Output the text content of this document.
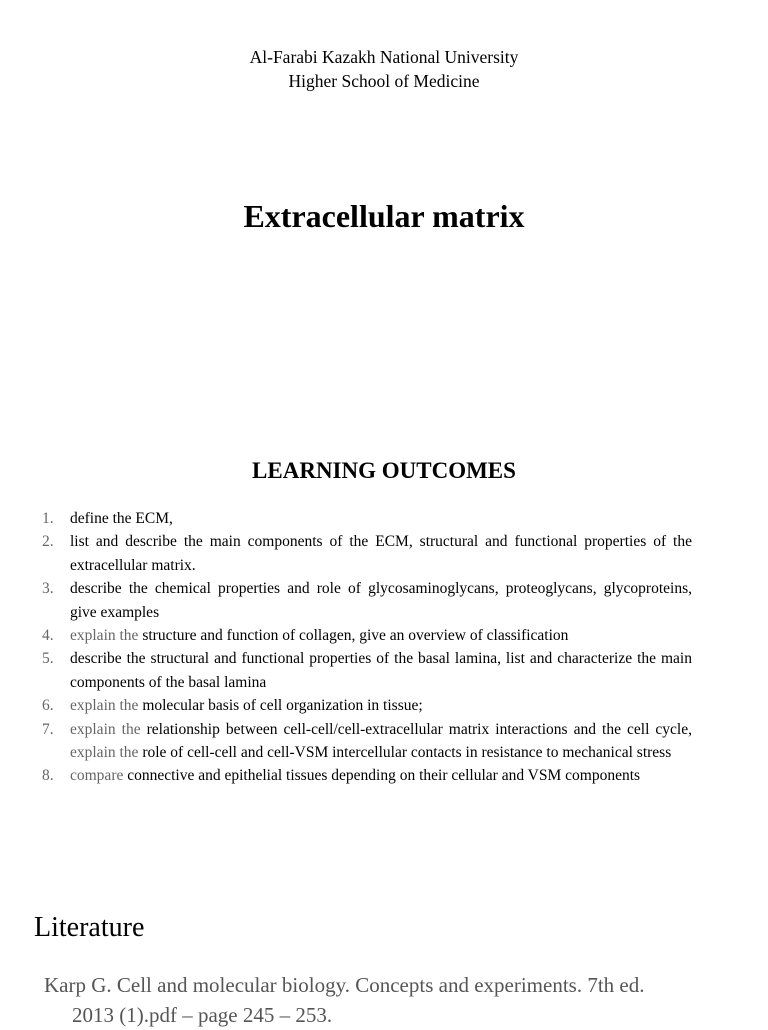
Al-Farabi Kazakh National University
Higher School of Medicine
Extracellular matrix
LEARNING OUTCOMES
1.	define the ECM,
2.	list and describe the main components of the ECM, structural and functional properties of the extracellular matrix.
3.	describe the chemical properties and role of glycosaminoglycans, proteoglycans, glycoproteins, give examples
4.	explain the structure and function of collagen, give an overview of classification
5.	describe the structural and functional properties of the basal lamina, list and characterize the main components of the basal lamina
6.	explain the molecular basis of cell organization in tissue;
7.	explain the relationship between cell-cell/cell-extracellular matrix interactions and the cell cycle, explain the role of cell-cell and cell-VSM intercellular contacts in resistance to mechanical stress
8.	compare connective and epithelial tissues depending on their cellular and VSM components
Literature
Karp G. Cell and molecular biology. Concepts and experiments. 7th ed.
2013 (1).pdf – page 245 – 253.
